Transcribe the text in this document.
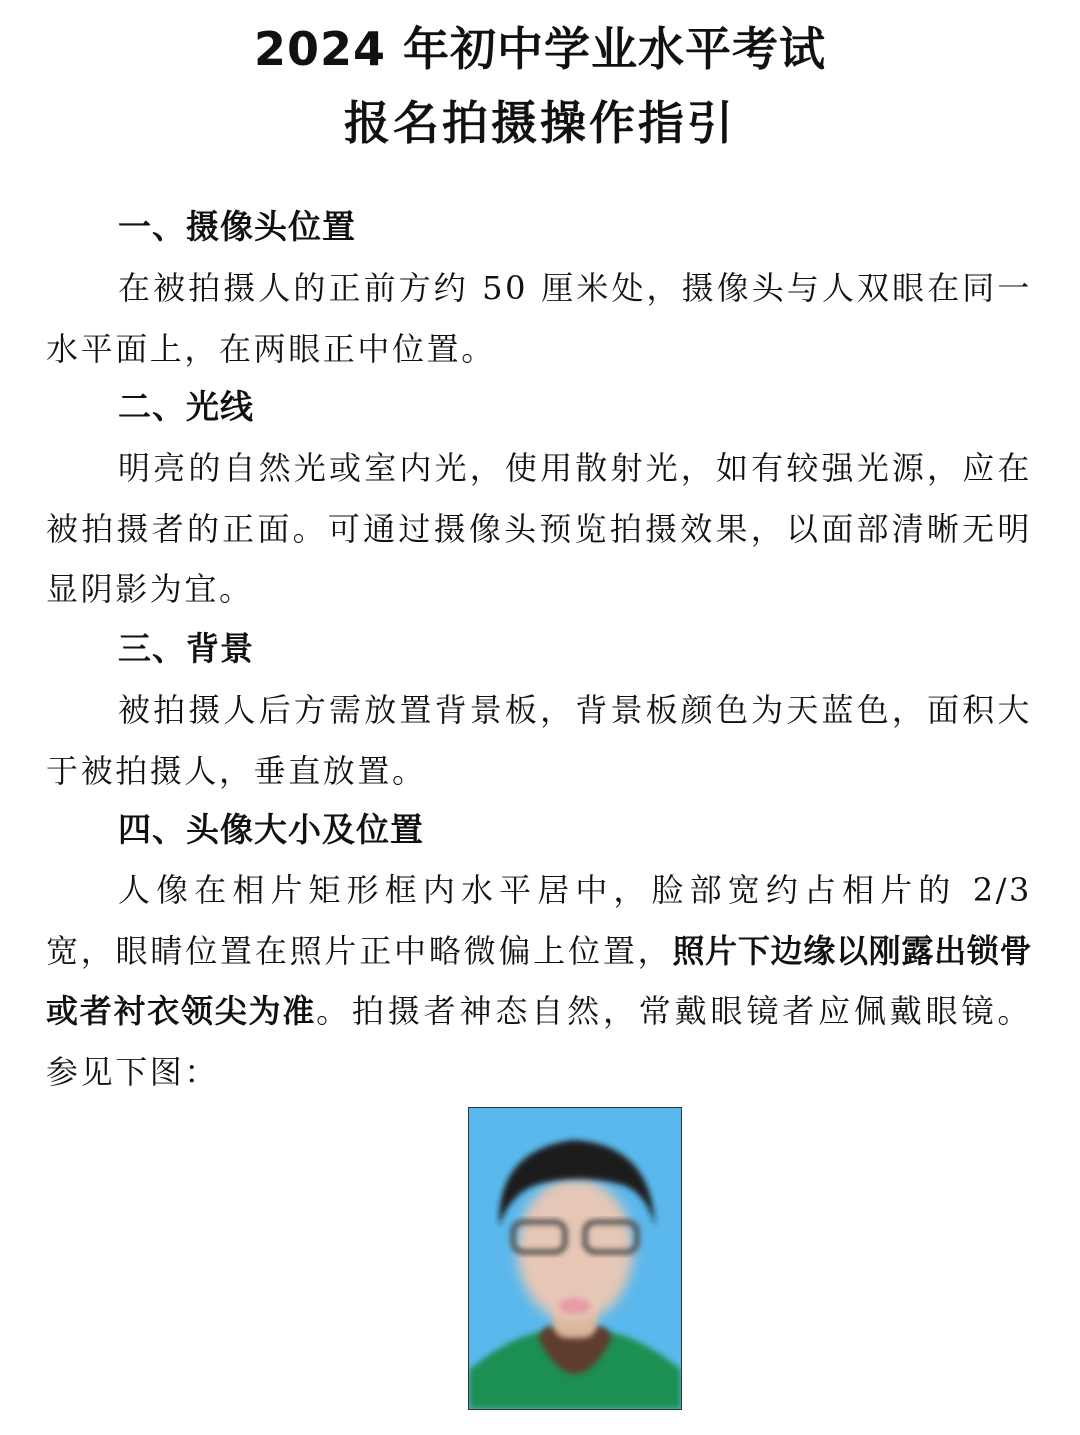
2024 年初中学业水平考试
报名拍摄操作指引
一、摄像头位置

在被拍摄人的正前方约 50 厘米处，摄像头与人双眼在同一水平面上，在两眼正中位置。

二、光线

明亮的自然光或室内光，使用散射光，如有较强光源，应在被拍摄者的正面。可通过摄像头预览拍摄效果，以面部清晰无明显阴影为宜。

三、背景

被拍摄人后方需放置背景板，背景板颜色为天蓝色，面积大于被拍摄人，垂直放置。

四、头像大小及位置

人像在相片矩形框内水平居中，脸部宽约占相片的 2/3 宽，眼睛位置在照片正中略微偏上位置，照片下边缘以刚露出锁骨或者衬衣领尖为准。拍摄者神态自然，常戴眼镜者应佩戴眼镜。参见下图：
